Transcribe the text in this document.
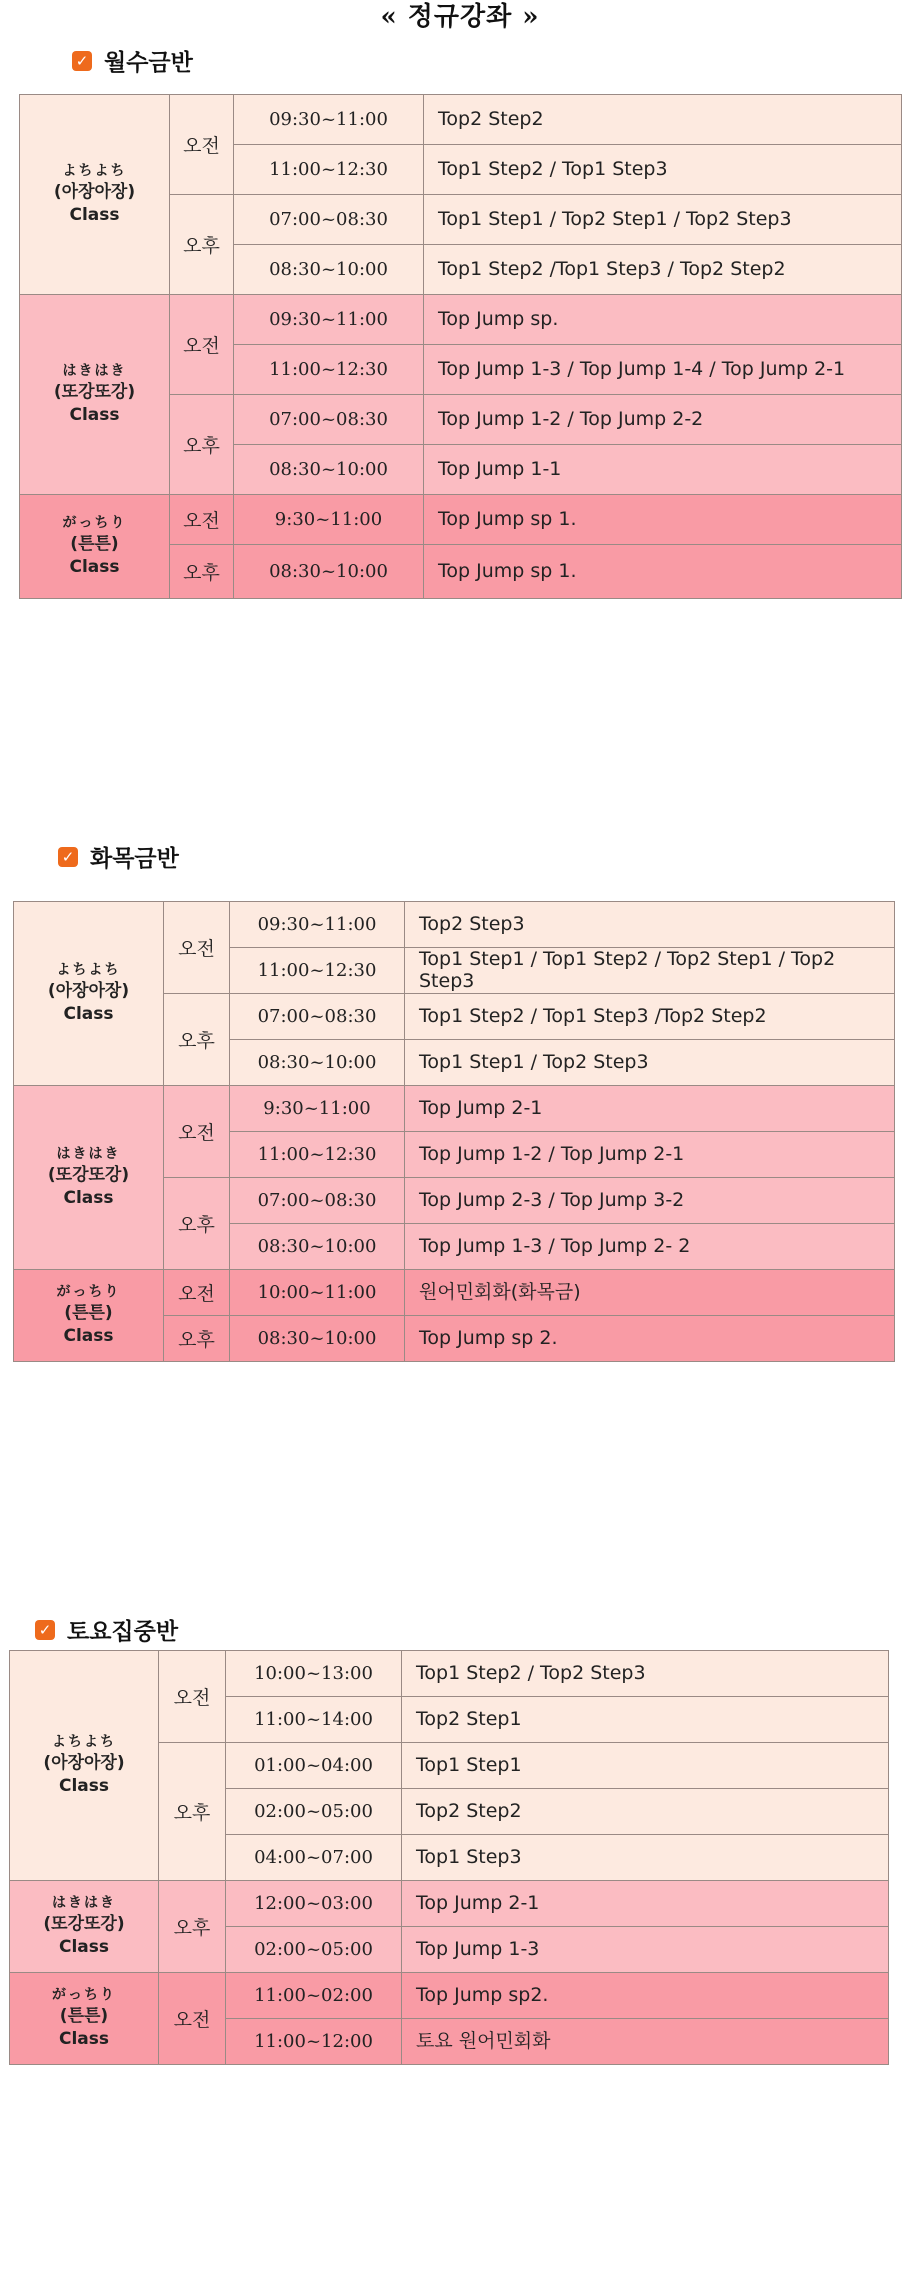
« 정규강좌 »
✓ 월수금반
よちよち
(아장아장)
Class	오전	09:30~11:00	Top2 Step2
		11:00~12:30	Top1 Step2 / Top1 Step3
	오후	07:00~08:30	Top1 Step1 / Top2 Step1 / Top2 Step3
		08:30~10:00	Top1 Step2 /Top1 Step3 / Top2 Step2

はきはき
(또강또강)
Class	오전	09:30~11:00	Top Jump sp.
		11:00~12:30	Top Jump 1-3 / Top Jump 1-4 / Top Jump 2-1
	오후	07:00~08:30	Top Jump 1-2 / Top Jump 2-2
		08:30~10:00	Top Jump 1-1

がっちり
(튼튼)
Class	오전	9:30~11:00	Top Jump sp 1.
	오후	08:30~10:00	Top Jump sp 1.
✓ 화목금반
よちよち
(아장아장)
Class	오전	09:30~11:00	Top2 Step3
		11:00~12:30	Top1 Step1 / Top1 Step2 / Top2 Step1 / Top2 Step3
	오후	07:00~08:30	Top1 Step2 / Top1 Step3 /Top2 Step2
		08:30~10:00	Top1 Step1 / Top2 Step3

はきはき
(또강또강)
Class	오전	9:30~11:00	Top Jump 2-1
		11:00~12:30	Top Jump 1-2 / Top Jump 2-1
	오후	07:00~08:30	Top Jump 2-3 / Top Jump 3-2
		08:30~10:00	Top Jump 1-3 / Top Jump 2- 2

がっちり
(튼튼)
Class	오전	10:00~11:00	원어민회화(화목금)
	오후	08:30~10:00	Top Jump sp 2.
✓ 토요집중반
よちよち
(아장아장)
Class	오전	10:00~13:00	Top1 Step2 / Top2 Step3
		11:00~14:00	Top2 Step1
	오후	01:00~04:00	Top1 Step1
		02:00~05:00	Top2 Step2
		04:00~07:00	Top1 Step3

はきはき
(또강또강)
Class	오후	12:00~03:00	Top Jump 2-1
		02:00~05:00	Top Jump 1-3

がっちり
(튼튼)
Class	오전	11:00~02:00	Top Jump sp2.
		11:00~12:00	토요 원어민회화
